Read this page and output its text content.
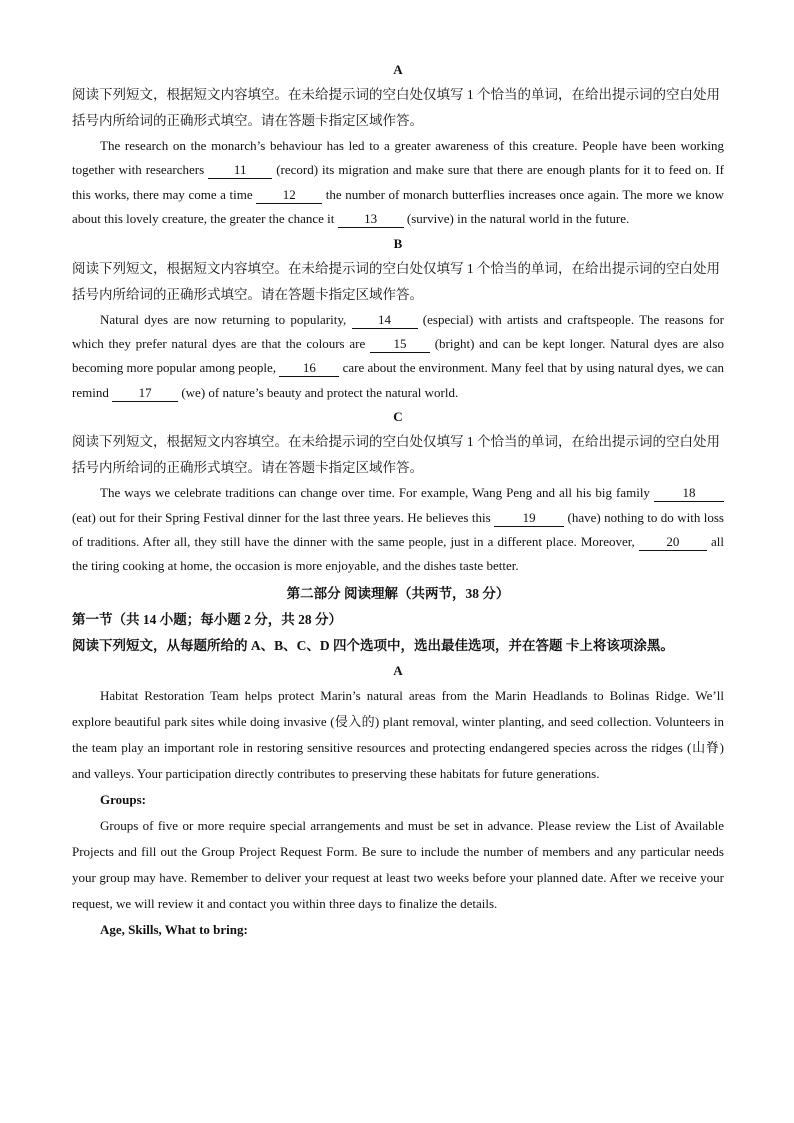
A

阅读下列短文，根据短文内容填空。在未给提示词的空白处仅填写 1 个恰当的单词，在给出提示词的空白处用括号内所给词的正确形式填空。请在答题卡指定区域作答。

The research on the monarch’s behaviour has led to a greater awareness of this creature. People have been working together with researchers 11 (record) its migration and make sure that there are enough plants for it to feed on. If this works, there may come a time 12 the number of monarch butterflies increases once again. The more we know about this lovely creature, the greater the chance it 13 (survive) in the natural world in the future.

B

阅读下列短文，根据短文内容填空。在未给提示词的空白处仅填写 1 个恰当的单词，在给出提示词的空白处用括号内所给词的正确形式填空。请在答题卡指定区域作答。

Natural dyes are now returning to popularity, 14 (especial) with artists and craftspeople. The reasons for which they prefer natural dyes are that the colours are 15 (bright) and can be kept longer. Natural dyes are also becoming more popular among people, 16 care about the environment. Many feel that by using natural dyes, we can remind 17 (we) of nature’s beauty and protect the natural world.

C

阅读下列短文，根据短文内容填空。在未给提示词的空白处仅填写 1 个恰当的单词，在给出提示词的空白处用括号内所给词的正确形式填空。请在答题卡指定区域作答。

The ways we celebrate traditions can change over time. For example, Wang Peng and all his big family 18 (eat) out for their Spring Festival dinner for the last three years. He believes this 19 (have) nothing to do with loss of traditions. After all, they still have the dinner with the same people, just in a different place. Moreover, 20 all the tiring cooking at home, the occasion is more enjoyable, and the dishes taste better.

第二部分 阅读理解（共两节，38 分）

第一节（共 14 小题；每小题 2 分，共 28 分）

阅读下列短文，从每题所给的 A、B、C、D 四个选项中，选出最佳选项，并在答题 卡上将该项涂黑。

A

Habitat Restoration Team helps protect Marin’s natural areas from the Marin Headlands to Bolinas Ridge. We’ll explore beautiful park sites while doing invasive (侵入的) plant removal, winter planting, and seed collection. Volunteers in the team play an important role in restoring sensitive resources and protecting endangered species across the ridges (山脊) and valleys. Your participation directly contributes to preserving these habitats for future generations.

Groups:

Groups of five or more require special arrangements and must be set in advance. Please review the List of Available Projects and fill out the Group Project Request Form. Be sure to include the number of members and any particular needs your group may have. Remember to deliver your request at least two weeks before your planned date. After we receive your request, we will review it and contact you within three days to finalize the details.

Age, Skills, What to bring:
